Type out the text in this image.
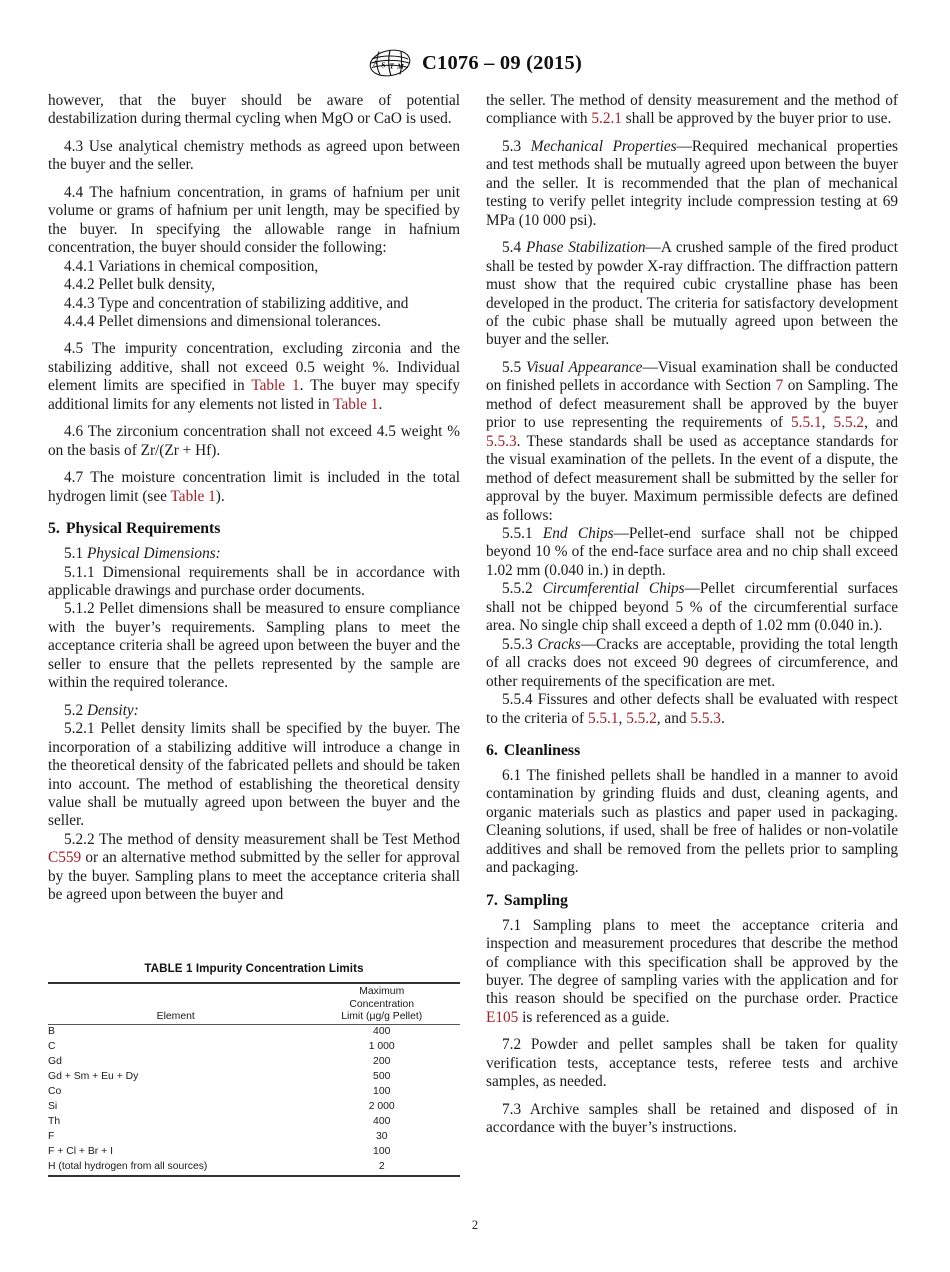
A S T M C1076 – 09 (2015)

however, that the buyer should be aware of potential destabilization during thermal cycling when MgO or CaO is used.

4.3 Use analytical chemistry methods as agreed upon between the buyer and the seller.

4.4 The hafnium concentration, in grams of hafnium per unit volume or grams of hafnium per unit length, may be specified by the buyer. In specifying the allowable range in hafnium concentration, the buyer should consider the following:

4.4.1 Variations in chemical composition,

4.4.2 Pellet bulk density,

4.4.3 Type and concentration of stabilizing additive, and

4.4.4 Pellet dimensions and dimensional tolerances.

4.5 The impurity concentration, excluding zirconia and the stabilizing additive, shall not exceed 0.5 weight %. Individual element limits are specified in Table 1. The buyer may specify additional limits for any elements not listed in Table 1.

4.6 The zirconium concentration shall not exceed 4.5 weight % on the basis of Zr/(Zr + Hf).

4.7 The moisture concentration limit is included in the total hydrogen limit (see Table 1).

5. Physical Requirements

5.1 Physical Dimensions:

5.1.1 Dimensional requirements shall be in accordance with applicable drawings and purchase order documents.

5.1.2 Pellet dimensions shall be measured to ensure compliance with the buyer’s requirements. Sampling plans to meet the acceptance criteria shall be agreed upon between the buyer and the seller to ensure that the pellets represented by the sample are within the required tolerance.

5.2 Density:

5.2.1 Pellet density limits shall be specified by the buyer. The incorporation of a stabilizing additive will introduce a change in the theoretical density of the fabricated pellets and should be taken into account. The method of establishing the theoretical density value shall be mutually agreed upon between the buyer and the seller.

5.2.2 The method of density measurement shall be Test Method C559 or an alternative method submitted by the seller for approval by the buyer. Sampling plans to meet the acceptance criteria shall be agreed upon between the buyer and

the seller. The method of density measurement and the method of compliance with 5.2.1 shall be approved by the buyer prior to use.

5.3 Mechanical Properties—Required mechanical properties and test methods shall be mutually agreed upon between the buyer and the seller. It is recommended that the plan of mechanical testing to verify pellet integrity include compression testing at 69 MPa (10 000 psi).

5.4 Phase Stabilization—A crushed sample of the fired product shall be tested by powder X-ray diffraction. The diffraction pattern must show that the required cubic crystalline phase has been developed in the product. The criteria for satisfactory development of the cubic phase shall be mutually agreed upon between the buyer and the seller.

5.5 Visual Appearance—Visual examination shall be conducted on finished pellets in accordance with Section 7 on Sampling. The method of defect measurement shall be approved by the buyer prior to use representing the requirements of 5.5.1, 5.5.2, and 5.5.3. These standards shall be used as acceptance standards for the visual examination of the pellets. In the event of a dispute, the method of defect measurement shall be submitted by the seller for approval by the buyer. Maximum permissible defects are defined as follows:

5.5.1 End Chips—Pellet-end surface shall not be chipped beyond 10 % of the end-face surface area and no chip shall exceed 1.02 mm (0.040 in.) in depth.

5.5.2 Circumferential Chips—Pellet circumferential surfaces shall not be chipped beyond 5 % of the circumferential surface area. No single chip shall exceed a depth of 1.02 mm (0.040 in.).

5.5.3 Cracks—Cracks are acceptable, providing the total length of all cracks does not exceed 90 degrees of circumference, and other requirements of the specification are met.

5.5.4 Fissures and other defects shall be evaluated with respect to the criteria of 5.5.1, 5.5.2, and 5.5.3.

6. Cleanliness

6.1 The finished pellets shall be handled in a manner to avoid contamination by grinding fluids and dust, cleaning agents, and organic materials such as plastics and paper used in packaging. Cleaning solutions, if used, shall be free of halides or non-volatile additives and shall be removed from the pellets prior to sampling and packaging.

7. Sampling

7.1 Sampling plans to meet the acceptance criteria and inspection and measurement procedures that describe the method of compliance with this specification shall be approved by the buyer. The degree of sampling varies with the application and for this reason should be specified on the purchase order. Practice E105 is referenced as a guide.

7.2 Powder and pellet samples shall be taken for quality verification tests, acceptance tests, referee tests and archive samples, as needed.

7.3 Archive samples shall be retained and disposed of in accordance with the buyer’s instructions.

TABLE 1 Impurity Concentration Limits

Element	Maximum
Concentration
Limit (μg/g Pellet)

B	400
C	1 000
Gd	200
Gd + Sm + Eu + Dy	500
Co	100
Si	2 000
Th	400
F	30
F + Cl + Br + I	100
H (total hydrogen from all sources)	2

2
